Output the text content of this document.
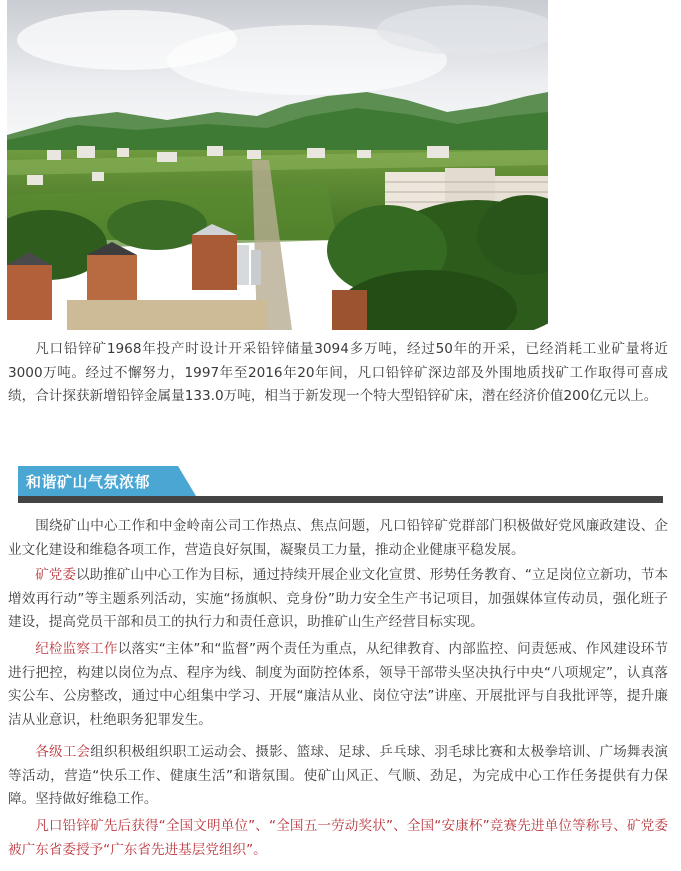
凡口铅锌矿1968年投产时设计开采铅锌储量3094多万吨，经过50年的开采，已经消耗工业矿量将近3000万吨。经过不懈努力，1997年至2016年20年间，凡口铅锌矿深边部及外围地质找矿工作取得可喜成绩，合计探获新增铅锌金属量133.0万吨，相当于新发现一个特大型铅锌矿床，潜在经济价值200亿元以上。

和谐矿山气氛浓郁

围绕矿山中心工作和中金岭南公司工作热点、焦点问题，凡口铅锌矿党群部门积极做好党风廉政建设、企业文化建设和维稳各项工作，营造良好氛围，凝聚员工力量，推动企业健康平稳发展。

矿党委以助推矿山中心工作为目标，通过持续开展企业文化宣贯、形势任务教育、“立足岗位立新功，节本增效再行动”等主题系列活动，实施“扬旗帜、竞身份”助力安全生产书记项目，加强媒体宣传动员，强化班子建设，提高党员干部和员工的执行力和责任意识，助推矿山生产经营目标实现。

纪检监察工作以落实“主体”和“监督”两个责任为重点，从纪律教育、内部监控、问责惩戒、作风建设环节进行把控，构建以岗位为点、程序为线、制度为面防控体系，领导干部带头坚决执行中央“八项规定”，认真落实公车、公房整改，通过中心组集中学习、开展“廉洁从业、岗位守法”讲座、开展批评与自我批评等，提升廉洁从业意识，杜绝职务犯罪发生。

各级工会组织积极组织职工运动会、摄影、篮球、足球、乒乓球、羽毛球比赛和太极拳培训、广场舞表演等活动，营造“快乐工作、健康生活”和谐氛围。使矿山风正、气顺、劲足，为完成中心工作任务提供有力保障。坚持做好维稳工作。

凡口铅锌矿先后获得“全国文明单位”、“全国五一劳动奖状”、全国“安康杯”竞赛先进单位等称号、矿党委被广东省委授予“广东省先进基层党组织”。
